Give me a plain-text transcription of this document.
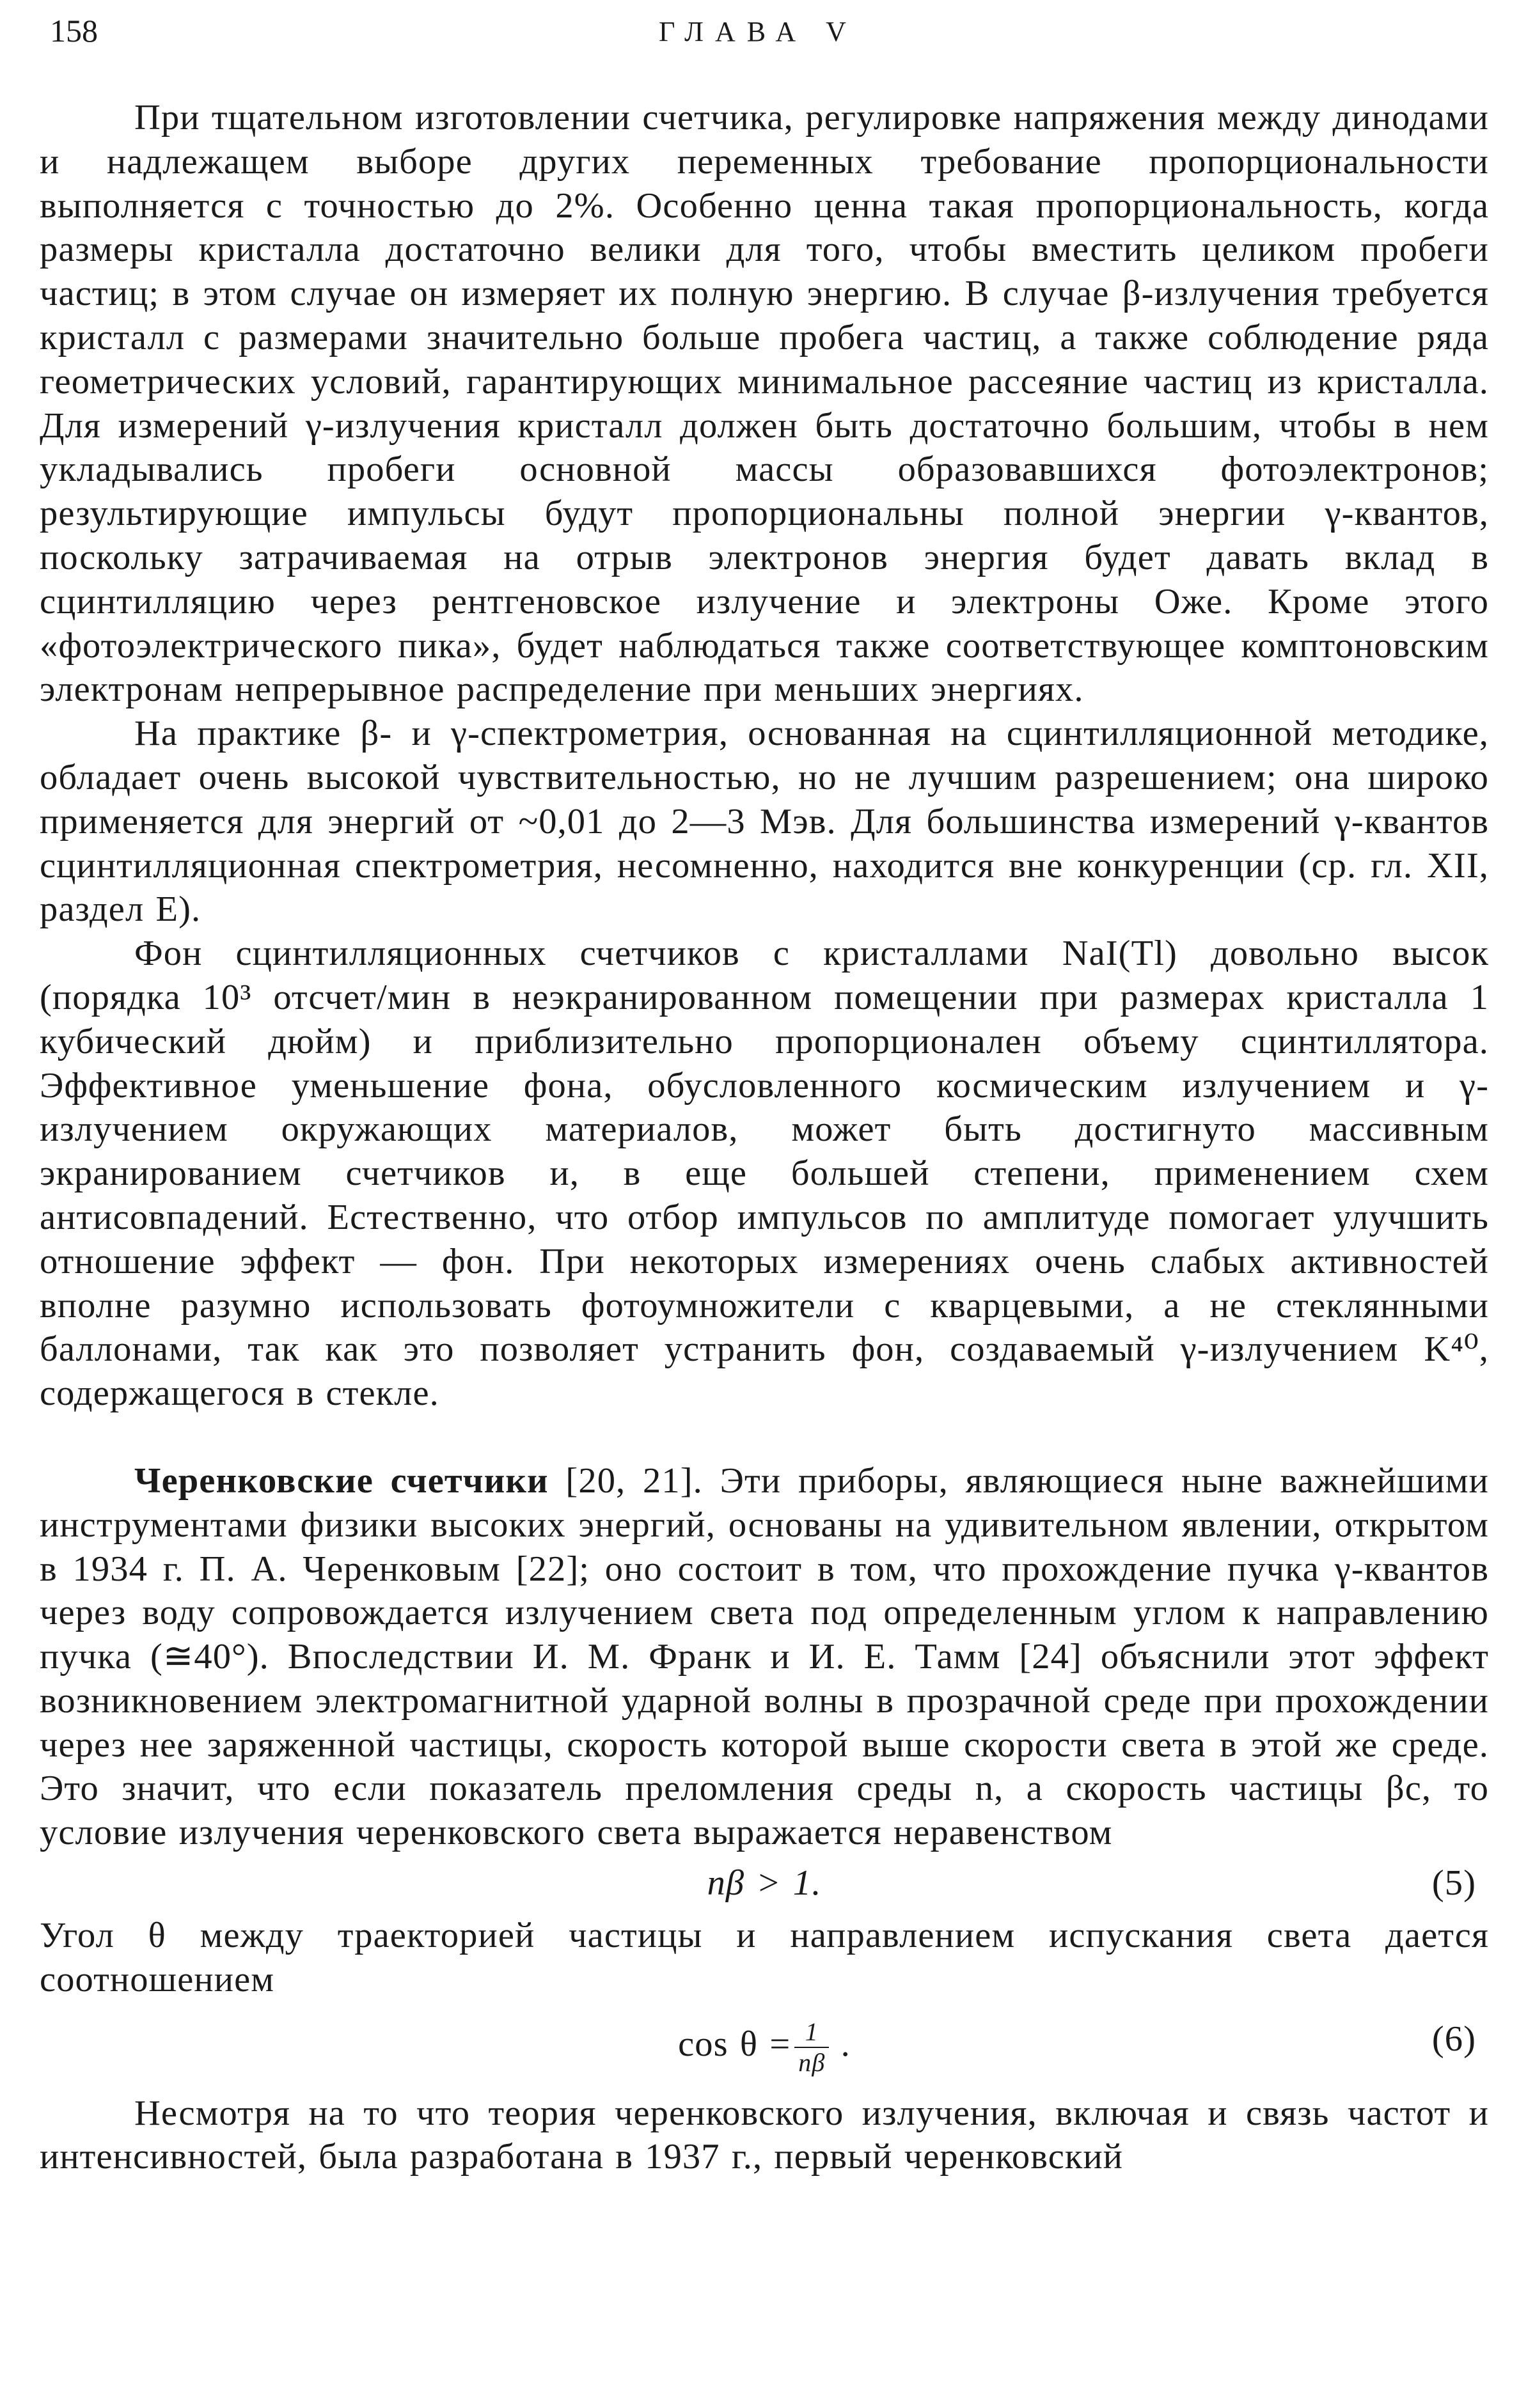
158	ГЛАВА V

При тщательном изготовлении счетчика, регулировке напряжения между динодами и надлежащем выборе других переменных требование пропорциональности выполняется с точностью до 2%. Особенно ценна такая пропорциональность, когда размеры кристалла достаточно велики для того, чтобы вместить целиком пробеги частиц; в этом случае он измеряет их полную энергию. В случае β-излучения требуется кристалл с размерами значительно больше пробега частиц, а также соблюдение ряда геометрических условий, гарантирующих минимальное рассеяние частиц из кристалла. Для измерений γ-излучения кристалл должен быть достаточно большим, чтобы в нем укладывались пробеги основной массы образовавшихся фотоэлектронов; результирующие импульсы будут пропорциональны полной энергии γ-квантов, поскольку затрачиваемая на отрыв электронов энергия будет давать вклад в сцинтилляцию через рентгеновское излучение и электроны Оже. Кроме этого «фотоэлектрического пика», будет наблюдаться также соответствующее комптоновским электронам непрерывное распределение при меньших энергиях.

На практике β- и γ-спектрометрия, основанная на сцинтилляционной методике, обладает очень высокой чувствительностью, но не лучшим разрешением; она широко применяется для энергий от ~0,01 до 2—3 Мэв. Для большинства измерений γ-квантов сцинтилляционная спектрометрия, несомненно, находится вне конкуренции (ср. гл. XII, раздел Е).

Фон сцинтилляционных счетчиков с кристаллами NaI(Tl) довольно высок (порядка 10³ отсчет/мин в неэкранированном помещении при размерах кристалла 1 кубический дюйм) и приблизительно пропорционален объему сцинтиллятора. Эффективное уменьшение фона, обусловленного космическим излучением и γ-излучением окружающих материалов, может быть достигнуто массивным экранированием счетчиков и, в еще большей степени, применением схем антисовпадений. Естественно, что отбор импульсов по амплитуде помогает улучшить отношение эффект — фон. При некоторых измерениях очень слабых активностей вполне разумно использовать фотоумножители с кварцевыми, а не стеклянными баллонами, так как это позволяет устранить фон, создаваемый γ-излучением K⁴⁰, содержащегося в стекле.

Черенковские счетчики [20, 21]. Эти приборы, являющиеся ныне важнейшими инструментами физики высоких энергий, основаны на удивительном явлении, открытом в 1934 г. П. А. Черенковым [22]; оно состоит в том, что прохождение пучка γ-квантов через воду сопровождается излучением света под определенным углом к направлению пучка (≅40°). Впоследствии И. М. Франк и И. Е. Тамм [24] объяснили этот эффект возникновением электромагнитной ударной волны в прозрачной среде при прохождении через нее заряженной частицы, скорость которой выше скорости света в этой же среде. Это значит, что если показатель преломления среды n, а скорость частицы βc, то условие излучения черенковского света выражается неравенством

nβ > 1.	(5)

Угол θ между траекторией частицы и направлением испускания света дается соотношением

$\cos \theta = \frac{1}{n\beta}$ .	(6)

Несмотря на то что теория черенковского излучения, включая и связь частот и интенсивностей, была разработана в 1937 г., первый черенковский
